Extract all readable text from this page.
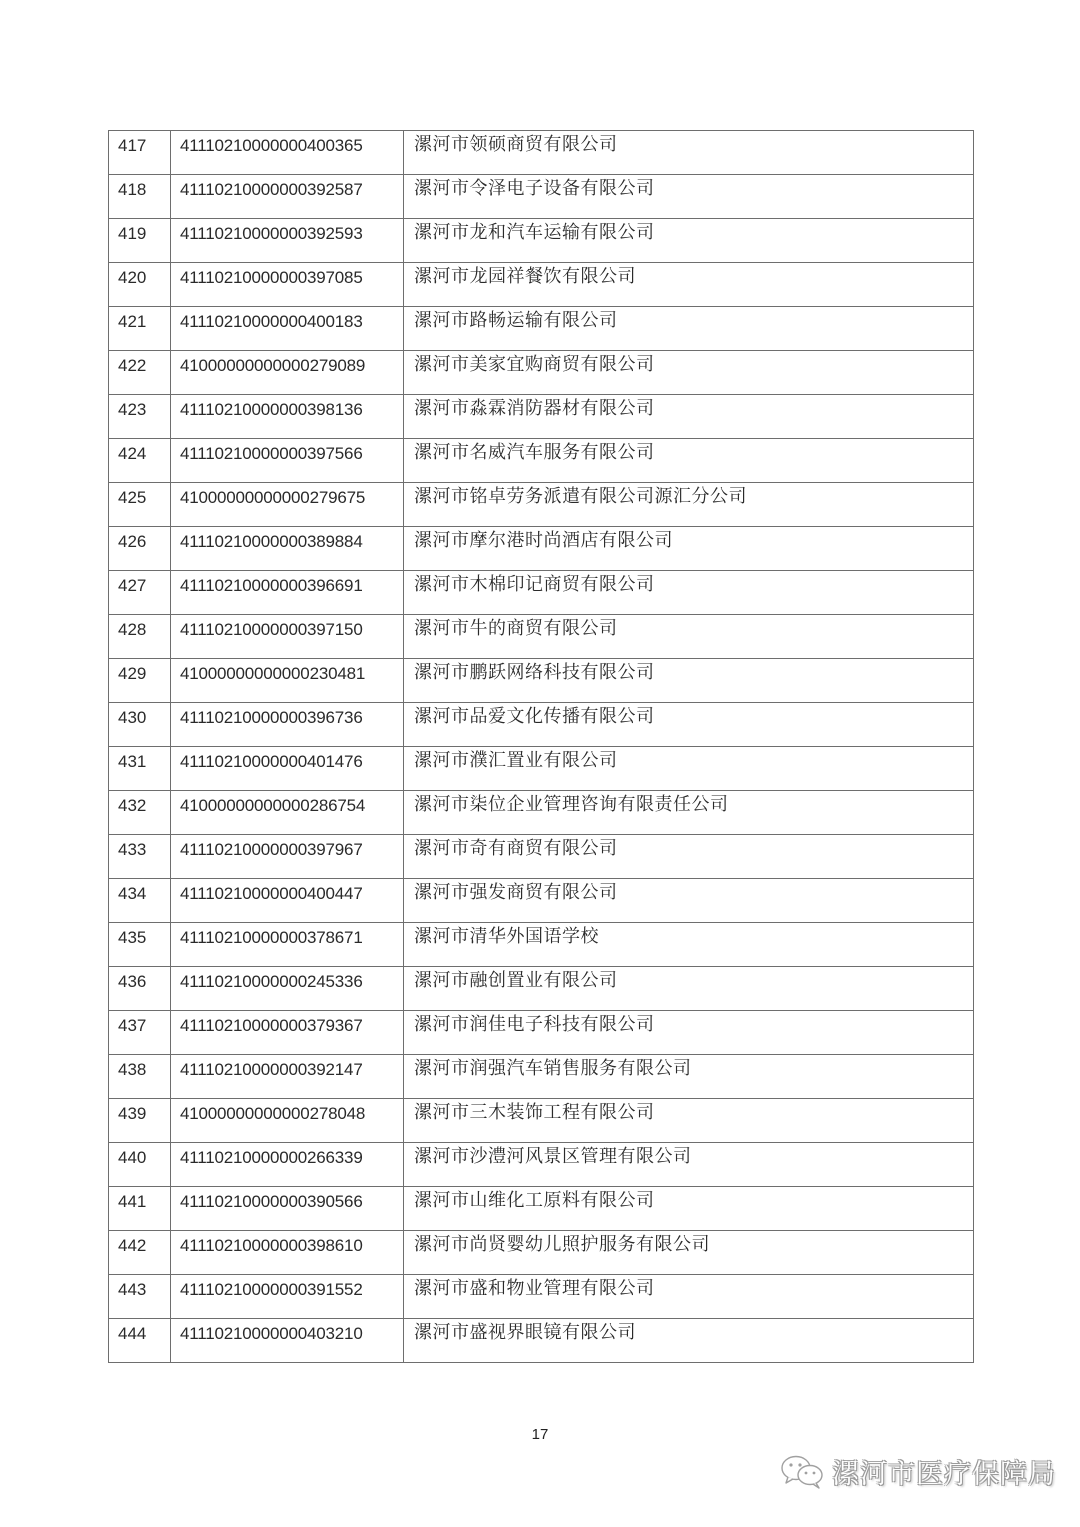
417	41110210000000400365	漯河市领硕商贸有限公司
418	41110210000000392587	漯河市令泽电子设备有限公司
419	41110210000000392593	漯河市龙和汽车运输有限公司
420	41110210000000397085	漯河市龙园祥餐饮有限公司
421	41110210000000400183	漯河市路畅运输有限公司
422	41000000000000279089	漯河市美家宜购商贸有限公司
423	41110210000000398136	漯河市淼霖消防器材有限公司
424	41110210000000397566	漯河市名威汽车服务有限公司
425	41000000000000279675	漯河市铭卓劳务派遣有限公司源汇分公司
426	41110210000000389884	漯河市摩尔港时尚酒店有限公司
427	41110210000000396691	漯河市木棉印记商贸有限公司
428	41110210000000397150	漯河市牛的商贸有限公司
429	41000000000000230481	漯河市鹏跃网络科技有限公司
430	41110210000000396736	漯河市品爱文化传播有限公司
431	41110210000000401476	漯河市濮汇置业有限公司
432	41000000000000286754	漯河市柒位企业管理咨询有限责任公司
433	41110210000000397967	漯河市奇有商贸有限公司
434	41110210000000400447	漯河市强发商贸有限公司
435	41110210000000378671	漯河市清华外国语学校
436	41110210000000245336	漯河市融创置业有限公司
437	41110210000000379367	漯河市润佳电子科技有限公司
438	41110210000000392147	漯河市润强汽车销售服务有限公司
439	41000000000000278048	漯河市三木装饰工程有限公司
440	41110210000000266339	漯河市沙澧河风景区管理有限公司
441	41110210000000390566	漯河市山维化工原料有限公司
442	41110210000000398610	漯河市尚贤婴幼儿照护服务有限公司
443	41110210000000391552	漯河市盛和物业管理有限公司
444	41110210000000403210	漯河市盛视界眼镜有限公司
17
漯河市医疗保障局
